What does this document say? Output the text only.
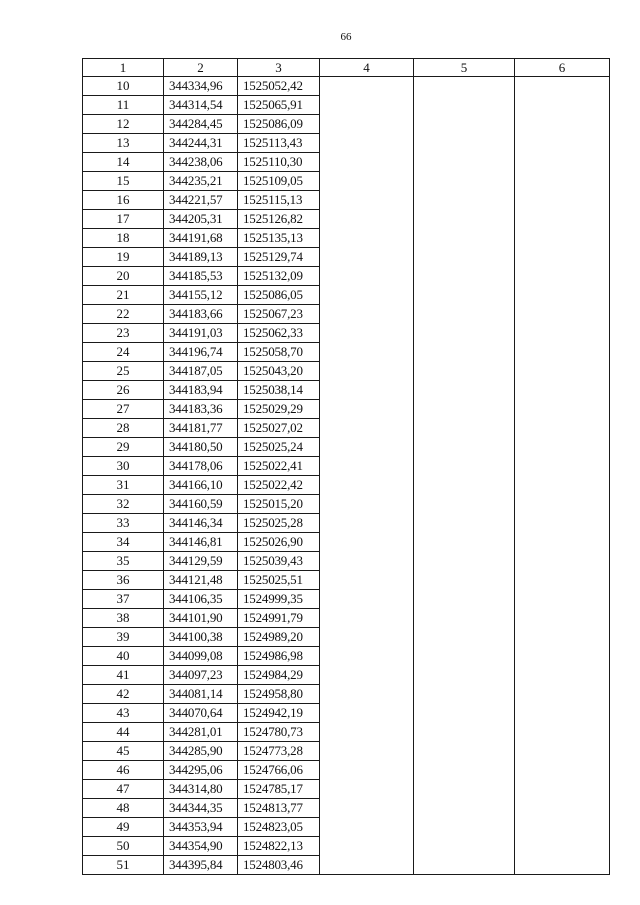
66
1	2	3	4	5	6
10	344334,96	1525052,42			
11	344314,54	1525065,91			
12	344284,45	1525086,09			
13	344244,31	1525113,43			
14	344238,06	1525110,30			
15	344235,21	1525109,05			
16	344221,57	1525115,13			
17	344205,31	1525126,82			
18	344191,68	1525135,13			
19	344189,13	1525129,74			
20	344185,53	1525132,09			
21	344155,12	1525086,05			
22	344183,66	1525067,23			
23	344191,03	1525062,33			
24	344196,74	1525058,70			
25	344187,05	1525043,20			
26	344183,94	1525038,14			
27	344183,36	1525029,29			
28	344181,77	1525027,02			
29	344180,50	1525025,24			
30	344178,06	1525022,41			
31	344166,10	1525022,42			
32	344160,59	1525015,20			
33	344146,34	1525025,28			
34	344146,81	1525026,90			
35	344129,59	1525039,43			
36	344121,48	1525025,51			
37	344106,35	1524999,35			
38	344101,90	1524991,79			
39	344100,38	1524989,20			
40	344099,08	1524986,98			
41	344097,23	1524984,29			
42	344081,14	1524958,80			
43	344070,64	1524942,19			
44	344281,01	1524780,73			
45	344285,90	1524773,28			
46	344295,06	1524766,06			
47	344314,80	1524785,17			
48	344344,35	1524813,77			
49	344353,94	1524823,05			
50	344354,90	1524822,13			
51	344395,84	1524803,46			
